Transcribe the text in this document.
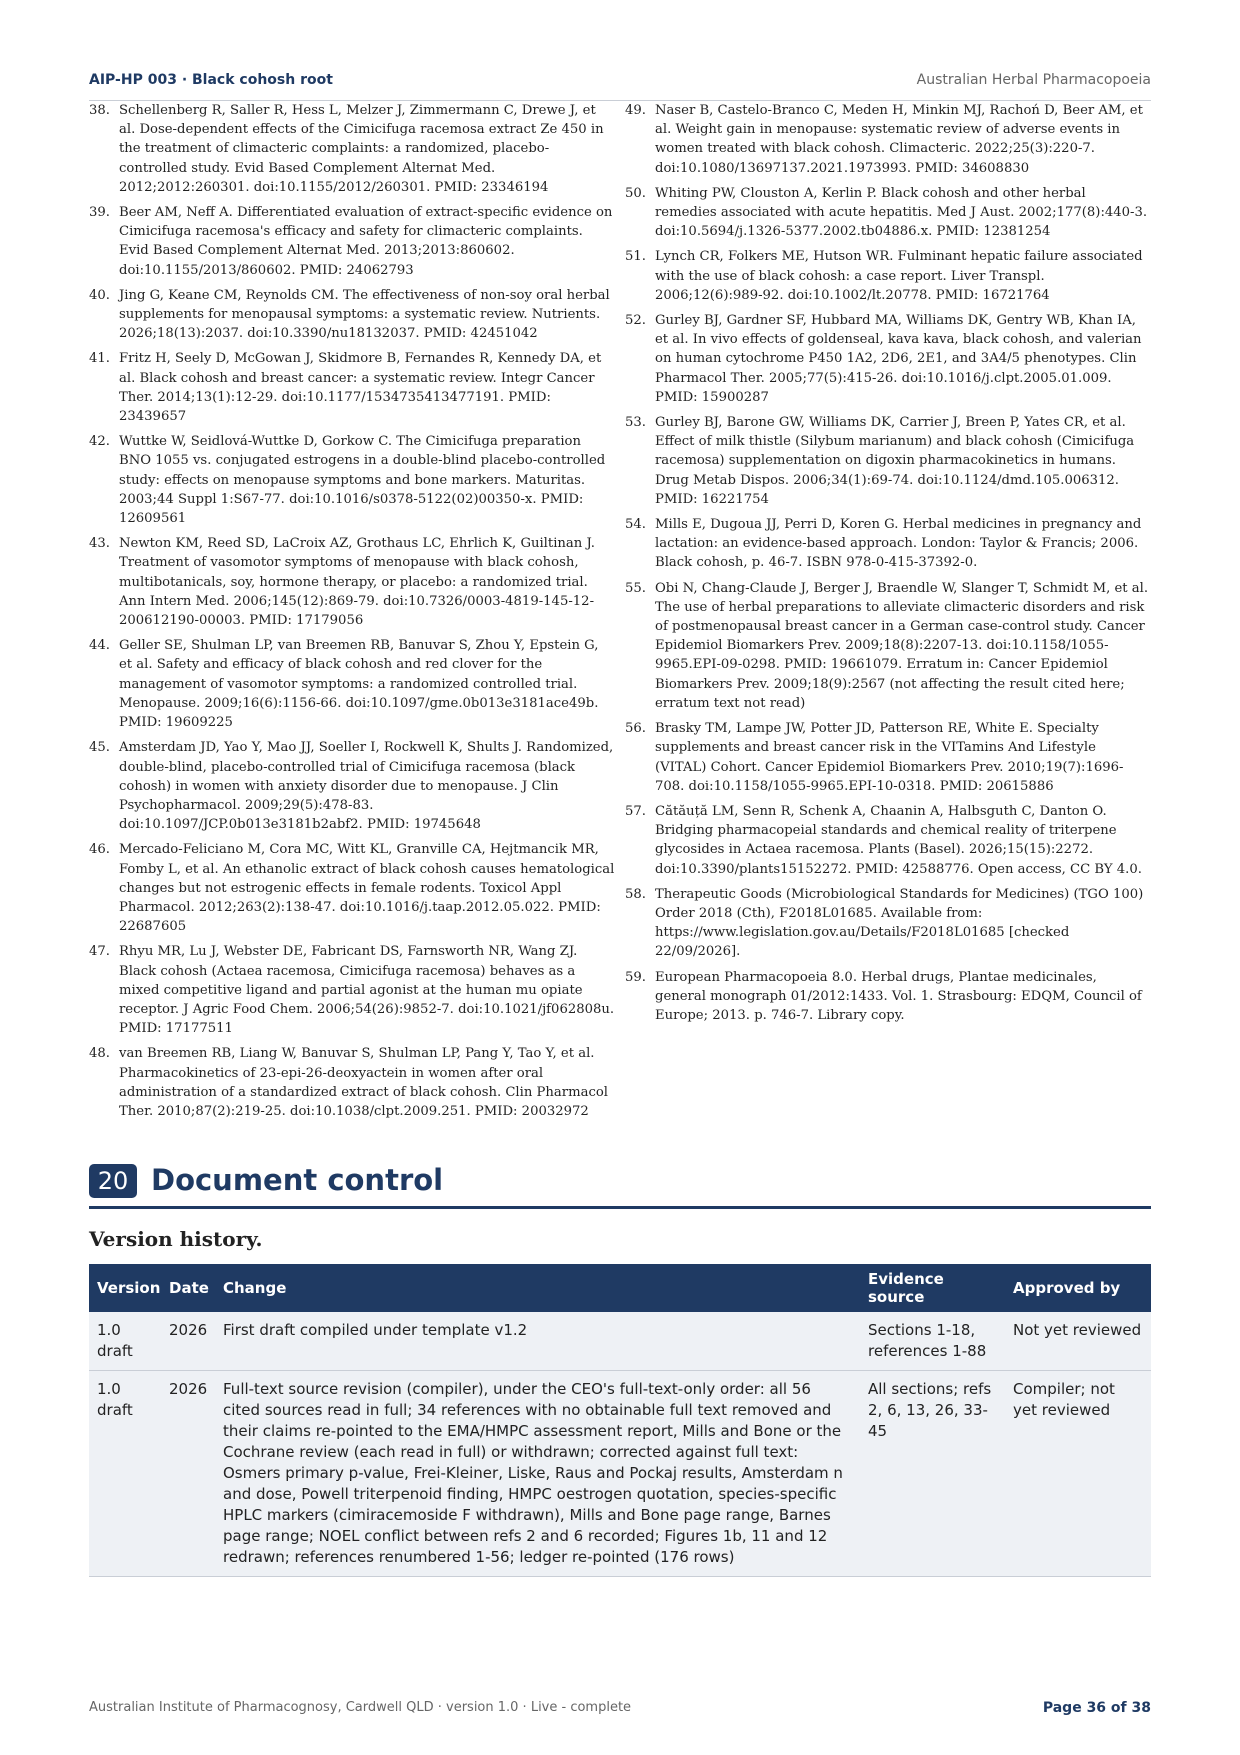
AIP-HP 003 · Black cohosh root	Australian Herbal Pharmacopoeia
38. Schellenberg R, Saller R, Hess L, Melzer J, Zimmermann C, Drewe J, et al. Dose-dependent effects of the Cimicifuga racemosa extract Ze 450 in the treatment of climacteric complaints: a randomized, placebo-controlled study. Evid Based Complement Alternat Med. 2012;2012:260301. doi:10.1155/2012/260301. PMID: 23346194
39. Beer AM, Neff A. Differentiated evaluation of extract-specific evidence on Cimicifuga racemosa's efficacy and safety for climacteric complaints. Evid Based Complement Alternat Med. 2013;2013:860602. doi:10.1155/2013/860602. PMID: 24062793
40. Jing G, Keane CM, Reynolds CM. The effectiveness of non-soy oral herbal supplements for menopausal symptoms: a systematic review. Nutrients. 2026;18(13):2037. doi:10.3390/nu18132037. PMID: 42451042
41. Fritz H, Seely D, McGowan J, Skidmore B, Fernandes R, Kennedy DA, et al. Black cohosh and breast cancer: a systematic review. Integr Cancer Ther. 2014;13(1):12-29. doi:10.1177/1534735413477191. PMID: 23439657
42. Wuttke W, Seidlová-Wuttke D, Gorkow C. The Cimicifuga preparation BNO 1055 vs. conjugated estrogens in a double-blind placebo-controlled study: effects on menopause symptoms and bone markers. Maturitas. 2003;44 Suppl 1:S67-77. doi:10.1016/s0378-5122(02)00350-x. PMID: 12609561
43. Newton KM, Reed SD, LaCroix AZ, Grothaus LC, Ehrlich K, Guiltinan J. Treatment of vasomotor symptoms of menopause with black cohosh, multibotanicals, soy, hormone therapy, or placebo: a randomized trial. Ann Intern Med. 2006;145(12):869-79. doi:10.7326/0003-4819-145-12-200612190-00003. PMID: 17179056
44. Geller SE, Shulman LP, van Breemen RB, Banuvar S, Zhou Y, Epstein G, et al. Safety and efficacy of black cohosh and red clover for the management of vasomotor symptoms: a randomized controlled trial. Menopause. 2009;16(6):1156-66. doi:10.1097/gme.0b013e3181ace49b. PMID: 19609225
45. Amsterdam JD, Yao Y, Mao JJ, Soeller I, Rockwell K, Shults J. Randomized, double-blind, placebo-controlled trial of Cimicifuga racemosa (black cohosh) in women with anxiety disorder due to menopause. J Clin Psychopharmacol. 2009;29(5):478-83. doi:10.1097/JCP.0b013e3181b2abf2. PMID: 19745648
46. Mercado-Feliciano M, Cora MC, Witt KL, Granville CA, Hejtmancik MR, Fomby L, et al. An ethanolic extract of black cohosh causes hematological changes but not estrogenic effects in female rodents. Toxicol Appl Pharmacol. 2012;263(2):138-47. doi:10.1016/j.taap.2012.05.022. PMID: 22687605
47. Rhyu MR, Lu J, Webster DE, Fabricant DS, Farnsworth NR, Wang ZJ. Black cohosh (Actaea racemosa, Cimicifuga racemosa) behaves as a mixed competitive ligand and partial agonist at the human mu opiate receptor. J Agric Food Chem. 2006;54(26):9852-7. doi:10.1021/jf062808u. PMID: 17177511
48. van Breemen RB, Liang W, Banuvar S, Shulman LP, Pang Y, Tao Y, et al. Pharmacokinetics of 23-epi-26-deoxyactein in women after oral administration of a standardized extract of black cohosh. Clin Pharmacol Ther. 2010;87(2):219-25. doi:10.1038/clpt.2009.251. PMID: 20032972
49. Naser B, Castelo-Branco C, Meden H, Minkin MJ, Rachoń D, Beer AM, et al. Weight gain in menopause: systematic review of adverse events in women treated with black cohosh. Climacteric. 2022;25(3):220-7. doi:10.1080/13697137.2021.1973993. PMID: 34608830
50. Whiting PW, Clouston A, Kerlin P. Black cohosh and other herbal remedies associated with acute hepatitis. Med J Aust. 2002;177(8):440-3. doi:10.5694/j.1326-5377.2002.tb04886.x. PMID: 12381254
51. Lynch CR, Folkers ME, Hutson WR. Fulminant hepatic failure associated with the use of black cohosh: a case report. Liver Transpl. 2006;12(6):989-92. doi:10.1002/lt.20778. PMID: 16721764
52. Gurley BJ, Gardner SF, Hubbard MA, Williams DK, Gentry WB, Khan IA, et al. In vivo effects of goldenseal, kava kava, black cohosh, and valerian on human cytochrome P450 1A2, 2D6, 2E1, and 3A4/5 phenotypes. Clin Pharmacol Ther. 2005;77(5):415-26. doi:10.1016/j.clpt.2005.01.009. PMID: 15900287
53. Gurley BJ, Barone GW, Williams DK, Carrier J, Breen P, Yates CR, et al. Effect of milk thistle (Silybum marianum) and black cohosh (Cimicifuga racemosa) supplementation on digoxin pharmacokinetics in humans. Drug Metab Dispos. 2006;34(1):69-74. doi:10.1124/dmd.105.006312. PMID: 16221754
54. Mills E, Dugoua JJ, Perri D, Koren G. Herbal medicines in pregnancy and lactation: an evidence-based approach. London: Taylor & Francis; 2006. Black cohosh, p. 46-7. ISBN 978-0-415-37392-0.
55. Obi N, Chang-Claude J, Berger J, Braendle W, Slanger T, Schmidt M, et al. The use of herbal preparations to alleviate climacteric disorders and risk of postmenopausal breast cancer in a German case-control study. Cancer Epidemiol Biomarkers Prev. 2009;18(8):2207-13. doi:10.1158/1055-9965.EPI-09-0298. PMID: 19661079. Erratum in: Cancer Epidemiol Biomarkers Prev. 2009;18(9):2567 (not affecting the result cited here; erratum text not read)
56. Brasky TM, Lampe JW, Potter JD, Patterson RE, White E. Specialty supplements and breast cancer risk in the VITamins And Lifestyle (VITAL) Cohort. Cancer Epidemiol Biomarkers Prev. 2010;19(7):1696-708. doi:10.1158/1055-9965.EPI-10-0318. PMID: 20615886
57. Cătăuță LM, Senn R, Schenk A, Chaanin A, Halbsguth C, Danton O. Bridging pharmacopeial standards and chemical reality of triterpene glycosides in Actaea racemosa. Plants (Basel). 2026;15(15):2272. doi:10.3390/plants15152272. PMID: 42588776. Open access, CC BY 4.0.
58. Therapeutic Goods (Microbiological Standards for Medicines) (TGO 100) Order 2018 (Cth), F2018L01685. Available from: https://www.legislation.gov.au/Details/F2018L01685 [checked 22/09/2026].
59. European Pharmacopoeia 8.0. Herbal drugs, Plantae medicinales, general monograph 01/2012:1433. Vol. 1. Strasbourg: EDQM, Council of Europe; 2013. p. 746-7. Library copy.
20 Document control
Version history.
Version	Date	Change	Evidence source	Approved by
1.0 draft	2026	First draft compiled under template v1.2	Sections 1-18, references 1-88	Not yet reviewed
1.0 draft	2026	Full-text source revision (compiler), under the CEO's full-text-only order: all 56 cited sources read in full; 34 references with no obtainable full text removed and their claims re-pointed to the EMA/HMPC assessment report, Mills and Bone or the Cochrane review (each read in full) or withdrawn; corrected against full text: Osmers primary p-value, Frei-Kleiner, Liske, Raus and Pockaj results, Amsterdam n and dose, Powell triterpenoid finding, HMPC oestrogen quotation, species-specific HPLC markers (cimiracemoside F withdrawn), Mills and Bone page range, Barnes page range; NOEL conflict between refs 2 and 6 recorded; Figures 1b, 11 and 12 redrawn; references renumbered 1-56; ledger re-pointed (176 rows)	All sections; refs 2, 6, 13, 26, 33-45	Compiler; not yet reviewed
Australian Institute of Pharmacognosy, Cardwell QLD · version 1.0 · Live - complete	Page 36 of 38
